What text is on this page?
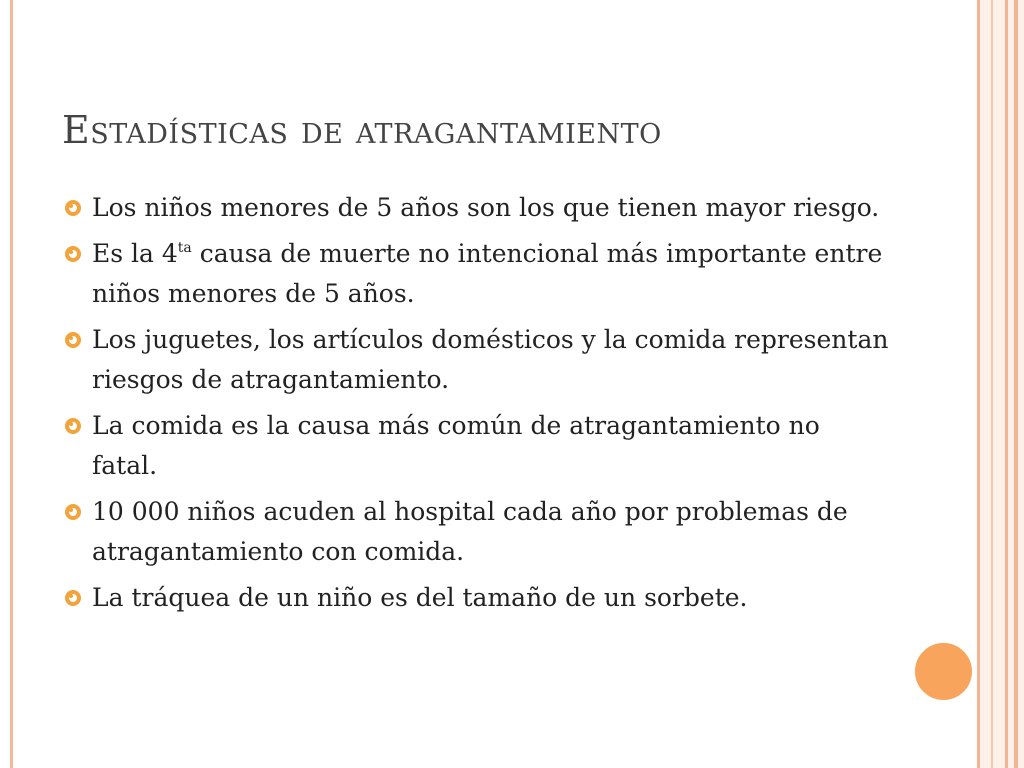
Estadísticas de atragantamiento
Los niños menores de 5 años son los que tienen mayor riesgo.
Es la $4^{ta}$ causa de muerte no intencional más importante entre niños menores de 5 años.
Los juguetes, los artículos domésticos y la comida representan riesgos de atragantamiento.
La comida es la causa más común de atragantamiento no fatal.
10 000 niños acuden al hospital cada año por problemas de atragantamiento con comida.
La tráquea de un niño es del tamaño de un sorbete.
